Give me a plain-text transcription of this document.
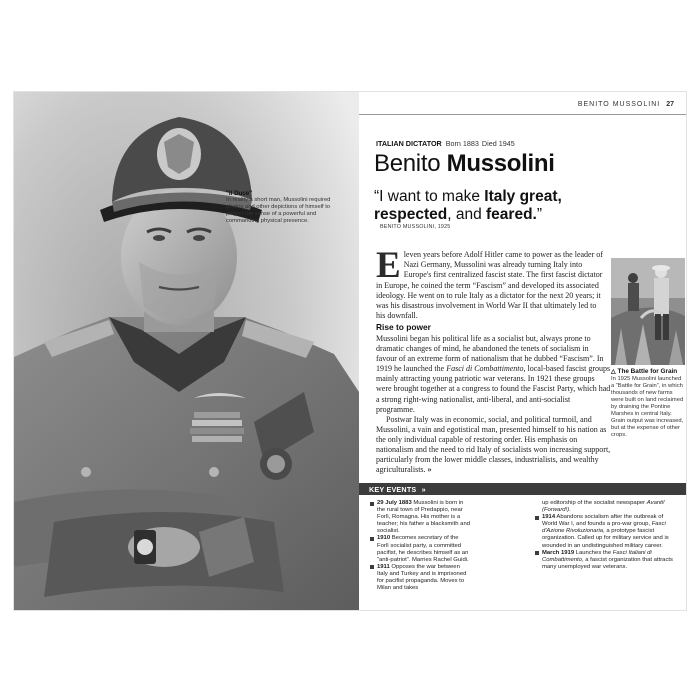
"Il Duce"
In reality a short man, Mussolini required photos and other depictions of himself to project the sense of a powerful and commanding physical presence.
BENITO MUSSOLINI 27
ITALIAN DICTATOR Born 1883 Died 1945
Benito Mussolini
“I want to make Italy great,
respected, and feared.”
BENITO MUSSOLINI, 1925
Eleven years before Adolf Hitler came to power as the leader of Nazi Germany, Mussolini was already turning Italy into Europe's first centralized fascist state. The first fascist dictator in Europe, he coined the term “Fascism” and developed its associated ideology. He went on to rule Italy as a dictator for the next 20 years; it was his disastrous involvement in World War II that ultimately led to his downfall.
Rise to power

Mussolini began his political life as a socialist but, always prone to dramatic changes of mind, he abandoned the tenets of socialism in favour of an extreme form of nationalism that he dubbed “Fascism”. In 1919 he launched the Fasci di Combattimento, local-based fascist groups mainly attracting young patriotic war veterans. In 1921 these groups were brought together at a congress to found the Fascist Party, which had a strong right-wing nationalist, anti-liberal, and anti-socialist programme.

Postwar Italy was in economic, social, and political turmoil, and Mussolini, a vain and egotistical man, presented himself to his nation as the only individual capable of restoring order. His emphasis on nationalism and the need to rid Italy of socialists won increasing support, particularly from the lower middle classes, industrialists, and wealthy agriculturalists. »

△ The Battle for Grain
In 1925 Mussolini launched a “Battle for Grain”, in which thousands of new farms were built on land reclaimed by draining the Pontine Marshes in central Italy. Grain output was increased, but at the expense of other crops.
KEY EVENTS »
29 July 1883 Mussolini is born in the rural town of Predappio, near Forlì, Romagna. His mother is a teacher; his father a blacksmith and socialist.
1910 Becomes secretary of the Forlì socialist party, a committed pacifist, he describes himself as an “anti-patriot”. Marries Rachel Guidi.
1911 Opposes the war between Italy and Turkey and is imprisoned for pacifist propaganda. Moves to Milan and takes
up editorship of the socialist newspaper Avanti! (Forward!).
1914 Abandons socialism after the outbreak of World War I, and founds a pro-war group, Fasci d'Azione Rivoluzionaria, a prototype fascist organization. Called up for military service and is wounded in an undistinguished military career.
March 1919 Launches the Fasci Italiani di Combattimento, a fascist organization that attracts many unemployed war veterans.
